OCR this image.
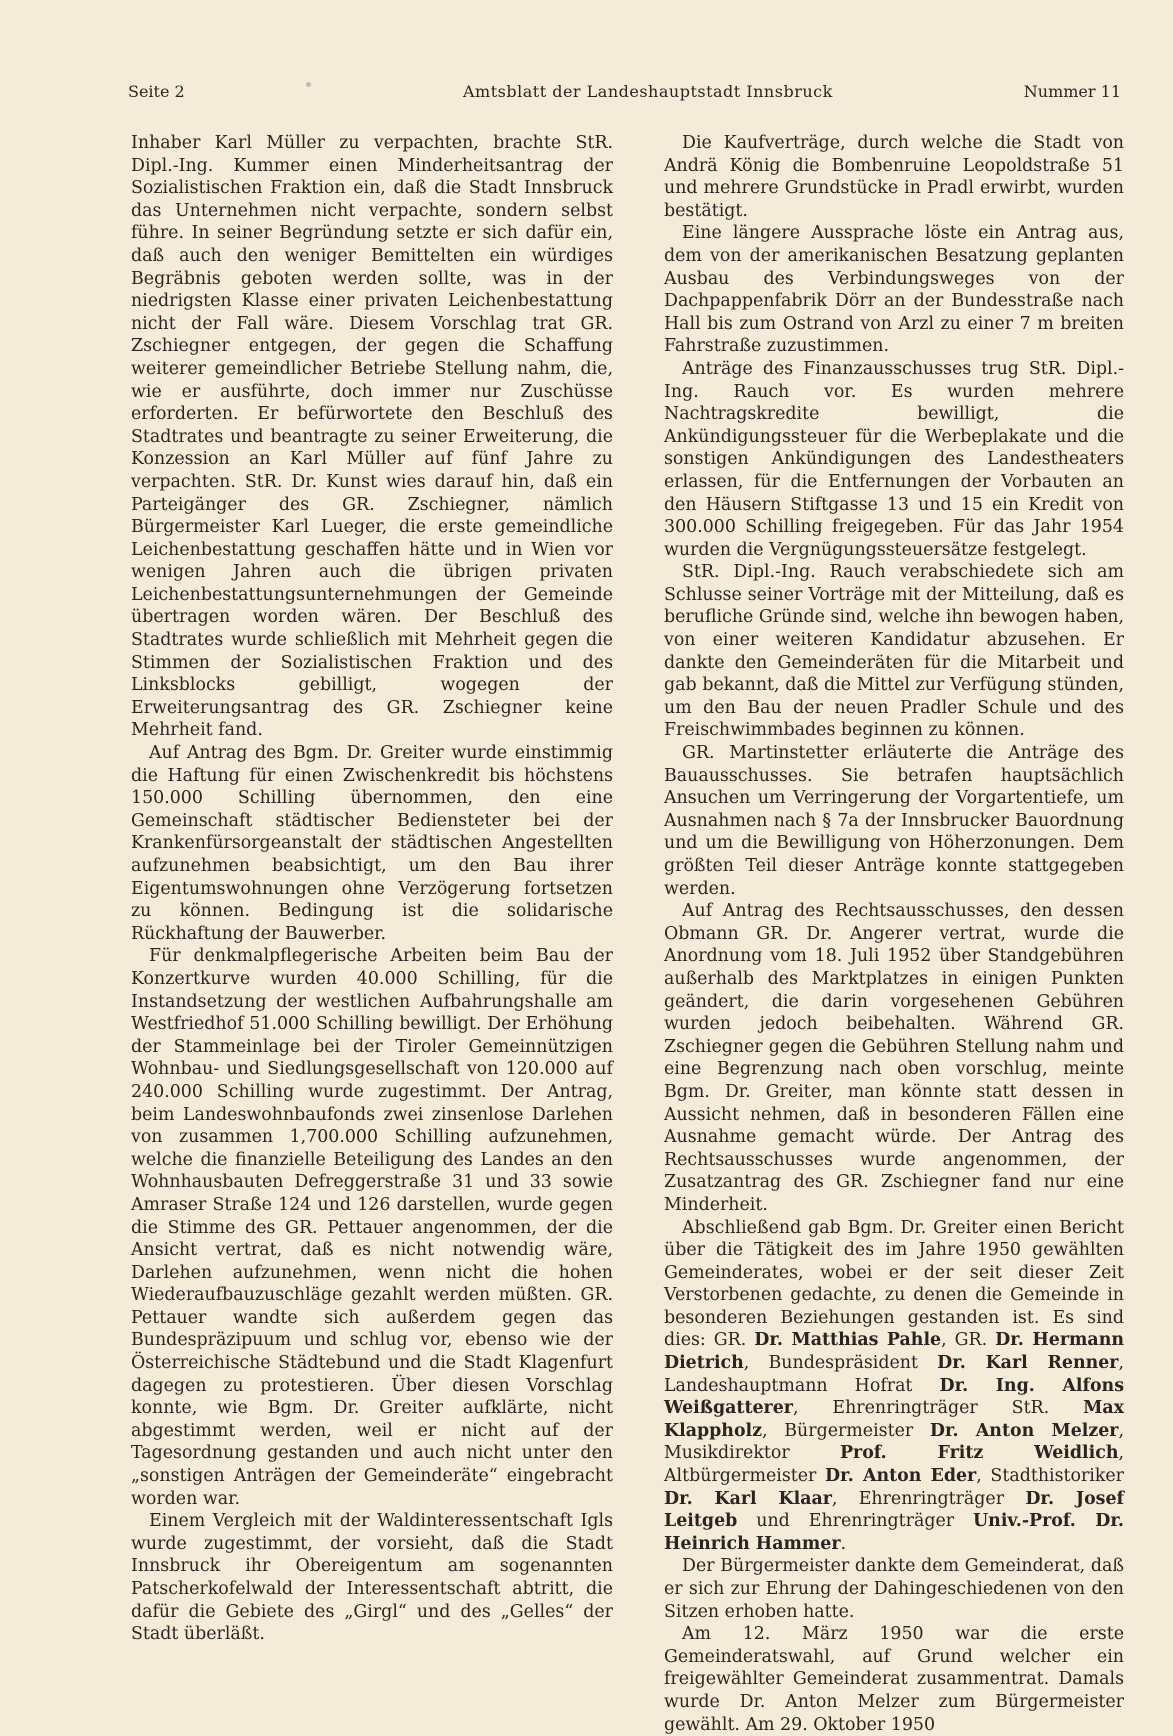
Seite 2	Amtsblatt der Landeshauptstadt Innsbruck	Nummer 11

Inhaber Karl Müller zu verpachten, brachte StR. Dipl.-Ing. Kummer einen Minderheitsantrag der Sozialistischen Fraktion ein, daß die Stadt Innsbruck das Unternehmen nicht verpachte, sondern selbst führe. In seiner Begründung setzte er sich dafür ein, daß auch den weniger Bemittelten ein würdiges Begräbnis geboten werden sollte, was in der niedrigsten Klasse einer privaten Leichenbestattung nicht der Fall wäre. Diesem Vorschlag trat GR. Zschiegner entgegen, der gegen die Schaffung weiterer gemeindlicher Betriebe Stellung nahm, die, wie er ausführte, doch immer nur Zuschüsse erforderten. Er befürwortete den Beschluß des Stadtrates und beantragte zu seiner Erweiterung, die Konzession an Karl Müller auf fünf Jahre zu verpachten. StR. Dr. Kunst wies darauf hin, daß ein Parteigänger des GR. Zschiegner, nämlich Bürgermeister Karl Lueger, die erste gemeindliche Leichenbestattung geschaffen hätte und in Wien vor wenigen Jahren auch die übrigen privaten Leichenbestattungsunternehmungen der Gemeinde übertragen worden wären. Der Beschluß des Stadtrates wurde schließlich mit Mehrheit gegen die Stimmen der Sozialistischen Fraktion und des Linksblocks gebilligt, wogegen der Erweiterungsantrag des GR. Zschiegner keine Mehrheit fand.

Auf Antrag des Bgm. Dr. Greiter wurde einstimmig die Haftung für einen Zwischenkredit bis höchstens 150.000 Schilling übernommen, den eine Gemeinschaft städtischer Bediensteter bei der Krankenfürsorgeanstalt der städtischen Angestellten aufzunehmen beabsichtigt, um den Bau ihrer Eigentumswohnungen ohne Verzögerung fortsetzen zu können. Bedingung ist die solidarische Rückhaftung der Bauwerber.

Für denkmalpflegerische Arbeiten beim Bau der Konzertkurve wurden 40.000 Schilling, für die Instandsetzung der westlichen Aufbahrungshalle am Westfriedhof 51.000 Schilling bewilligt. Der Erhöhung der Stammeinlage bei der Tiroler Gemeinnützigen Wohnbau- und Siedlungsgesellschaft von 120.000 auf 240.000 Schilling wurde zugestimmt. Der Antrag, beim Landeswohnbaufonds zwei zinsenlose Darlehen von zusammen 1,700.000 Schilling aufzunehmen, welche die finanzielle Beteiligung des Landes an den Wohnhausbauten Defreggerstraße 31 und 33 sowie Amraser Straße 124 und 126 darstellen, wurde gegen die Stimme des GR. Pettauer angenommen, der die Ansicht vertrat, daß es nicht notwendig wäre, Darlehen aufzunehmen, wenn nicht die hohen Wiederaufbauzuschläge gezahlt werden müßten. GR. Pettauer wandte sich außerdem gegen das Bundespräzipuum und schlug vor, ebenso wie der Österreichische Städtebund und die Stadt Klagenfurt dagegen zu protestieren. Über diesen Vorschlag konnte, wie Bgm. Dr. Greiter aufklärte, nicht abgestimmt werden, weil er nicht auf der Tagesordnung gestanden und auch nicht unter den „sonstigen Anträgen der Gemeinderäte“ eingebracht worden war.

Einem Vergleich mit der Waldinteressentschaft Igls wurde zugestimmt, der vorsieht, daß die Stadt Innsbruck ihr Obereigentum am sogenannten Patscherkofelwald der Interessentschaft abtritt, die dafür die Gebiete des „Girgl“ und des „Gelles“ der Stadt überläßt.

Die Kaufverträge, durch welche die Stadt von Andrä König die Bombenruine Leopoldstraße 51 und mehrere Grundstücke in Pradl erwirbt, wurden bestätigt.

Eine längere Aussprache löste ein Antrag aus, dem von der amerikanischen Besatzung geplanten Ausbau des Verbindungsweges von der Dachpappenfabrik Dörr an der Bundesstraße nach Hall bis zum Ostrand von Arzl zu einer 7 m breiten Fahrstraße zuzustimmen.

Anträge des Finanzausschusses trug StR. Dipl.-Ing. Rauch vor. Es wurden mehrere Nachtragskredite bewilligt, die Ankündigungssteuer für die Werbeplakate und die sonstigen Ankündigungen des Landestheaters erlassen, für die Entfernungen der Vorbauten an den Häusern Stiftgasse 13 und 15 ein Kredit von 300.000 Schilling freigegeben. Für das Jahr 1954 wurden die Vergnügungssteuersätze festgelegt.

StR. Dipl.-Ing. Rauch verabschiedete sich am Schlusse seiner Vorträge mit der Mitteilung, daß es berufliche Gründe sind, welche ihn bewogen haben, von einer weiteren Kandidatur abzusehen. Er dankte den Gemeinderäten für die Mitarbeit und gab bekannt, daß die Mittel zur Verfügung stünden, um den Bau der neuen Pradler Schule und des Freischwimmbades beginnen zu können.

GR. Martinstetter erläuterte die Anträge des Bauausschusses. Sie betrafen hauptsächlich Ansuchen um Verringerung der Vorgartentiefe, um Ausnahmen nach § 7a der Innsbrucker Bauordnung und um die Bewilligung von Höherzonungen. Dem größten Teil dieser Anträge konnte stattgegeben werden.

Auf Antrag des Rechtsausschusses, den dessen Obmann GR. Dr. Angerer vertrat, wurde die Anordnung vom 18. Juli 1952 über Standgebühren außerhalb des Marktplatzes in einigen Punkten geändert, die darin vorgesehenen Gebühren wurden jedoch beibehalten. Während GR. Zschiegner gegen die Gebühren Stellung nahm und eine Begrenzung nach oben vorschlug, meinte Bgm. Dr. Greiter, man könnte statt dessen in Aussicht nehmen, daß in besonderen Fällen eine Ausnahme gemacht würde. Der Antrag des Rechtsausschusses wurde angenommen, der Zusatzantrag des GR. Zschiegner fand nur eine Minderheit.

Abschließend gab Bgm. Dr. Greiter einen Bericht über die Tätigkeit des im Jahre 1950 gewählten Gemeinderates, wobei er der seit dieser Zeit Verstorbenen gedachte, zu denen die Gemeinde in besonderen Beziehungen gestanden ist. Es sind dies: GR. Dr. Matthias Pahle, GR. Dr. Hermann Dietrich, Bundespräsident Dr. Karl Renner, Landeshauptmann Hofrat Dr. Ing. Alfons Weißgatterer, Ehrenringträger StR. Max Klappholz, Bürgermeister Dr. Anton Melzer, Musikdirektor Prof. Fritz Weidlich, Altbürgermeister Dr. Anton Eder, Stadthistoriker Dr. Karl Klaar, Ehrenringträger Dr. Josef Leitgeb und Ehrenringträger Univ.-Prof. Dr. Heinrich Hammer.

Der Bürgermeister dankte dem Gemeinderat, daß er sich zur Ehrung der Dahingeschiedenen von den Sitzen erhoben hatte.

Am 12. März 1950 war die erste Gemeinderatswahl, auf Grund welcher ein freigewählter Gemeinderat zusammentrat. Damals wurde Dr. Anton Melzer zum Bürgermeister gewählt. Am 29. Oktober 1950
